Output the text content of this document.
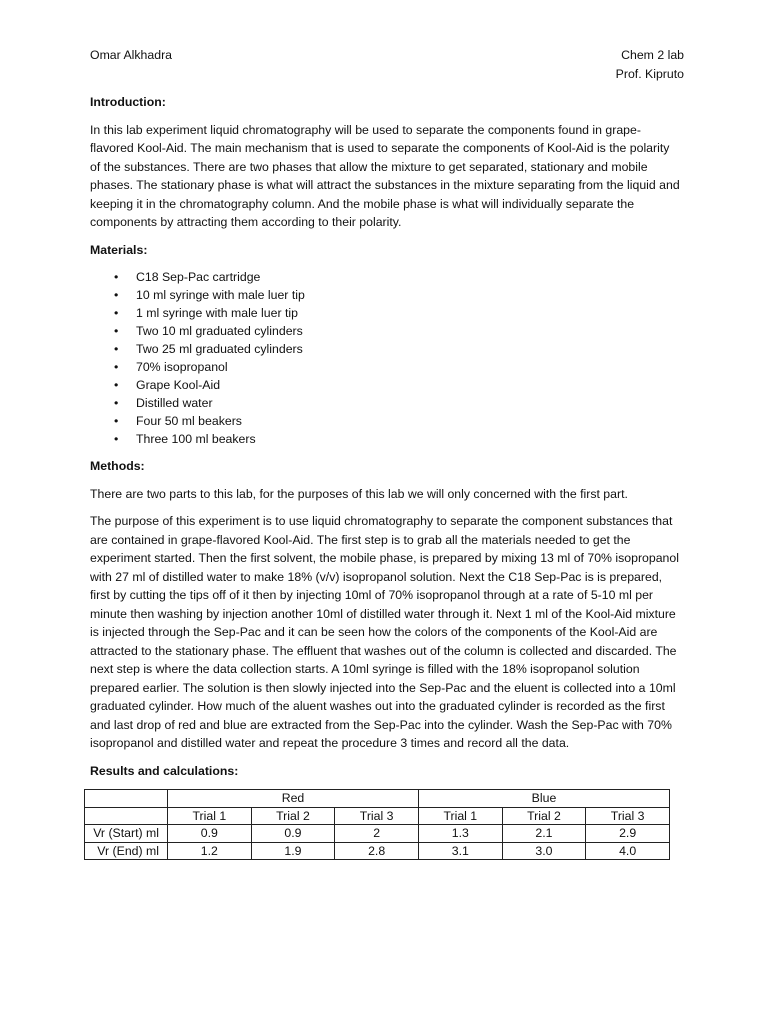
Omar Alkhadra	Chem 2 lab
Prof. Kipruto
Introduction:

In this lab experiment liquid chromatography will be used to separate the components found in grape-flavored Kool-Aid. The main mechanism that is used to separate the components of Kool-Aid is the polarity of the substances. There are two phases that allow the mixture to get separated, stationary and mobile phases. The stationary phase is what will attract the substances in the mixture separating from the liquid and keeping it in the chromatography column. And the mobile phase is what will individually separate the components by attracting them according to their polarity.

Materials:
• C18 Sep-Pac cartridge
• 10 ml syringe with male luer tip
• 1 ml syringe with male luer tip
• Two 10 ml graduated cylinders
• Two 25 ml graduated cylinders
• 70% isopropanol
• Grape Kool-Aid
• Distilled water
• Four 50 ml beakers
• Three 100 ml beakers
Methods:

There are two parts to this lab, for the purposes of this lab we will only concerned with the first part.

The purpose of this experiment is to use liquid chromatography to separate the component substances that are contained in grape-flavored Kool-Aid. The first step is to grab all the materials needed to get the experiment started. Then the first solvent, the mobile phase, is prepared by mixing 13 ml of 70% isopropanol with 27 ml of distilled water to make 18% (v/v) isopropanol solution. Next the C18 Sep-Pac is is prepared, first by cutting the tips off of it then by injecting 10ml of 70% isopropanol through at a rate of 5-10 ml per minute then washing by injection another 10ml of distilled water through it. Next 1 ml of the Kool-Aid mixture is injected through the Sep-Pac and it can be seen how the colors of the components of the Kool-Aid are attracted to the stationary phase. The effluent that washes out of the column is collected and discarded. The next step is where the data collection starts. A 10ml syringe is filled with the 18% isopropanol solution prepared earlier. The solution is then slowly injected into the Sep-Pac and the eluent is collected into a 10ml graduated cylinder. How much of the aluent washes out into the graduated cylinder is recorded as the first and last drop of red and blue are extracted from the Sep-Pac into the cylinder. Wash the Sep-Pac with 70% isopropanol and distilled water and repeat the procedure 3 times and record all the data.

Results and calculations:
	Red			Blue		
	Trial 1	Trial 2	Trial 3	Trial 1	Trial 2	Trial 3
Vr (Start) ml	0.9	0.9	2	1.3	2.1	2.9
Vr (End) ml	1.2	1.9	2.8	3.1	3.0	4.0
